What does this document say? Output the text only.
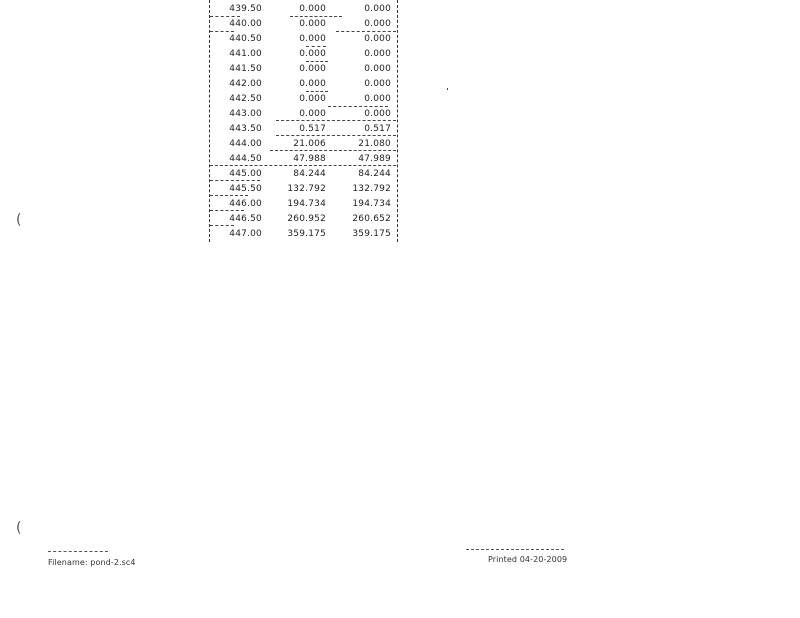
439.50	0.000	0.000
440.00	0.000	0.000
440.50	0.000	0.000
441.00	0.000	0.000
441.50	0.000	0.000
442.00	0.000	0.000
442.50	0.000	0.000
443.00	0.000	0.000
443.50	0.517	0.517
444.00	21.006	21.080
444.50	47.988	47.989
445.00	84.244	84.244
445.50	132.792	132.792
446.00	194.734	194.734
446.50	260.952	260.652
447.00	359.175	359.175
(
(
Filename: pond-2.sc4	Printed 04-20-2009
